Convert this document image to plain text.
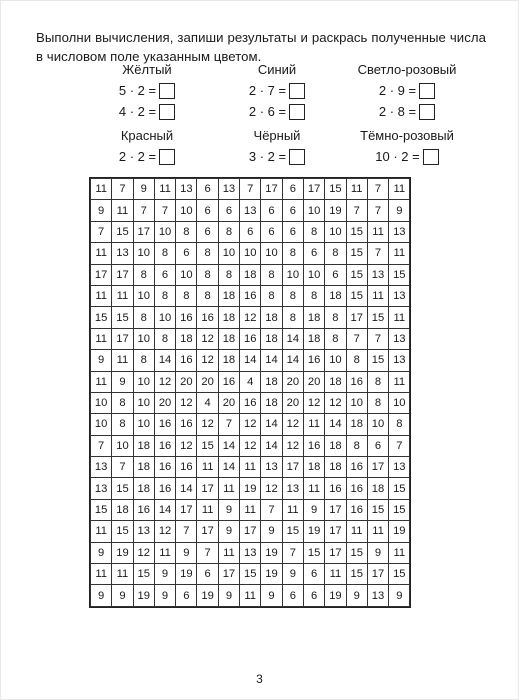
Выполни вычисления, запиши результаты и раскрась полученные числа в числовом поле указанным цветом.

Жёлтый
5 · 2 =
4 · 2 =
Синий
2 · 7 =
2 · 6 =
Светло-розовый
2 · 9 =
2 · 8 =
Красный
2 · 2 =
Чёрный
3 · 2 =
Тёмно-розовый
10 · 2 =
11	7	9	11	13	6	13	7	17	6	17	15	11	7	11
9	11	7	7	10	6	6	13	6	6	10	19	7	7	9
7	15	17	10	8	6	8	6	6	6	8	10	15	11	13
11	13	10	8	6	8	10	10	10	8	6	8	15	7	11
17	17	8	6	10	8	8	18	8	10	10	6	15	13	15
11	11	10	8	8	8	18	16	8	8	8	18	15	11	13
15	15	8	10	16	16	18	12	18	8	18	8	17	15	11
11	17	10	8	18	12	18	16	18	14	18	8	7	7	13
9	11	8	14	16	12	18	14	14	14	16	10	8	15	13
11	9	10	12	20	20	16	4	18	20	20	18	16	8	11
10	8	10	20	12	4	20	16	18	20	12	12	10	8	10
10	8	10	16	16	12	7	12	14	12	11	14	18	10	8
7	10	18	16	12	15	14	12	14	12	16	18	8	6	7
13	7	18	16	16	11	14	11	13	17	18	18	16	17	13
13	15	18	16	14	17	11	19	12	13	11	16	16	18	15
15	18	16	14	17	11	9	11	7	11	9	17	16	15	15
11	15	13	12	7	17	9	17	9	15	19	17	11	11	19
9	19	12	11	9	7	11	13	19	7	15	17	15	9	11
11	11	15	9	19	6	17	15	19	9	6	11	15	17	15
9	9	19	9	6	19	9	11	9	6	6	19	9	13	9
3
